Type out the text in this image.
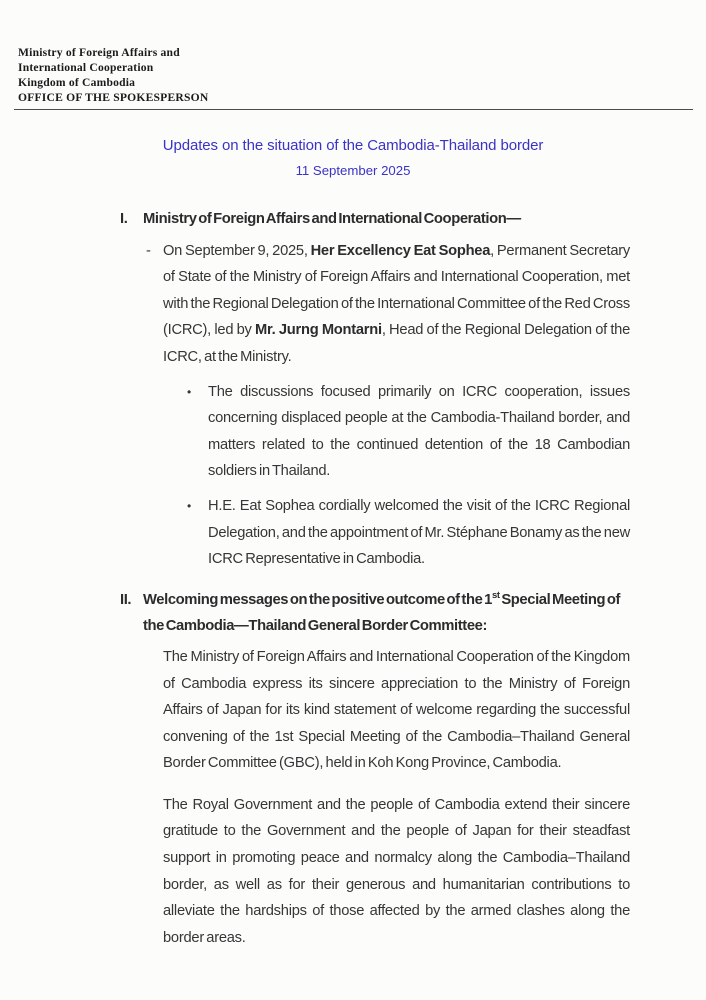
Ministry of Foreign Affairs and
International Cooperation
Kingdom of Cambodia
OFFICE OF THE SPOKESPERSON
Updates on the situation of the Cambodia-Thailand border
11 September 2025
I. Ministry of Foreign Affairs and International Cooperation—
- On September 9, 2025, Her Excellency Eat Sophea, Permanent Secretary of State of the Ministry of Foreign Affairs and International Cooperation, met with the Regional Delegation of the International Committee of the Red Cross (ICRC), led by Mr. Jurng Montarni, Head of the Regional Delegation of the ICRC, at the Ministry.
• The discussions focused primarily on ICRC cooperation, issues concerning displaced people at the Cambodia-Thailand border, and matters related to the continued detention of the 18 Cambodian soldiers in Thailand.
• H.E. Eat Sophea cordially welcomed the visit of the ICRC Regional Delegation, and the appointment of Mr. Stéphane Bonamy as the new ICRC Representative in Cambodia.
II. Welcoming messages on the positive outcome of the 1st Special Meeting of the Cambodia—Thailand General Border Committee:
The Ministry of Foreign Affairs and International Cooperation of the Kingdom of Cambodia express its sincere appreciation to the Ministry of Foreign Affairs of Japan for its kind statement of welcome regarding the successful convening of the 1st Special Meeting of the Cambodia–Thailand General Border Committee (GBC), held in Koh Kong Province, Cambodia.
The Royal Government and the people of Cambodia extend their sincere gratitude to the Government and the people of Japan for their steadfast support in promoting peace and normalcy along the Cambodia–Thailand border, as well as for their generous and humanitarian contributions to alleviate the hardships of those affected by the armed clashes along the border areas.
